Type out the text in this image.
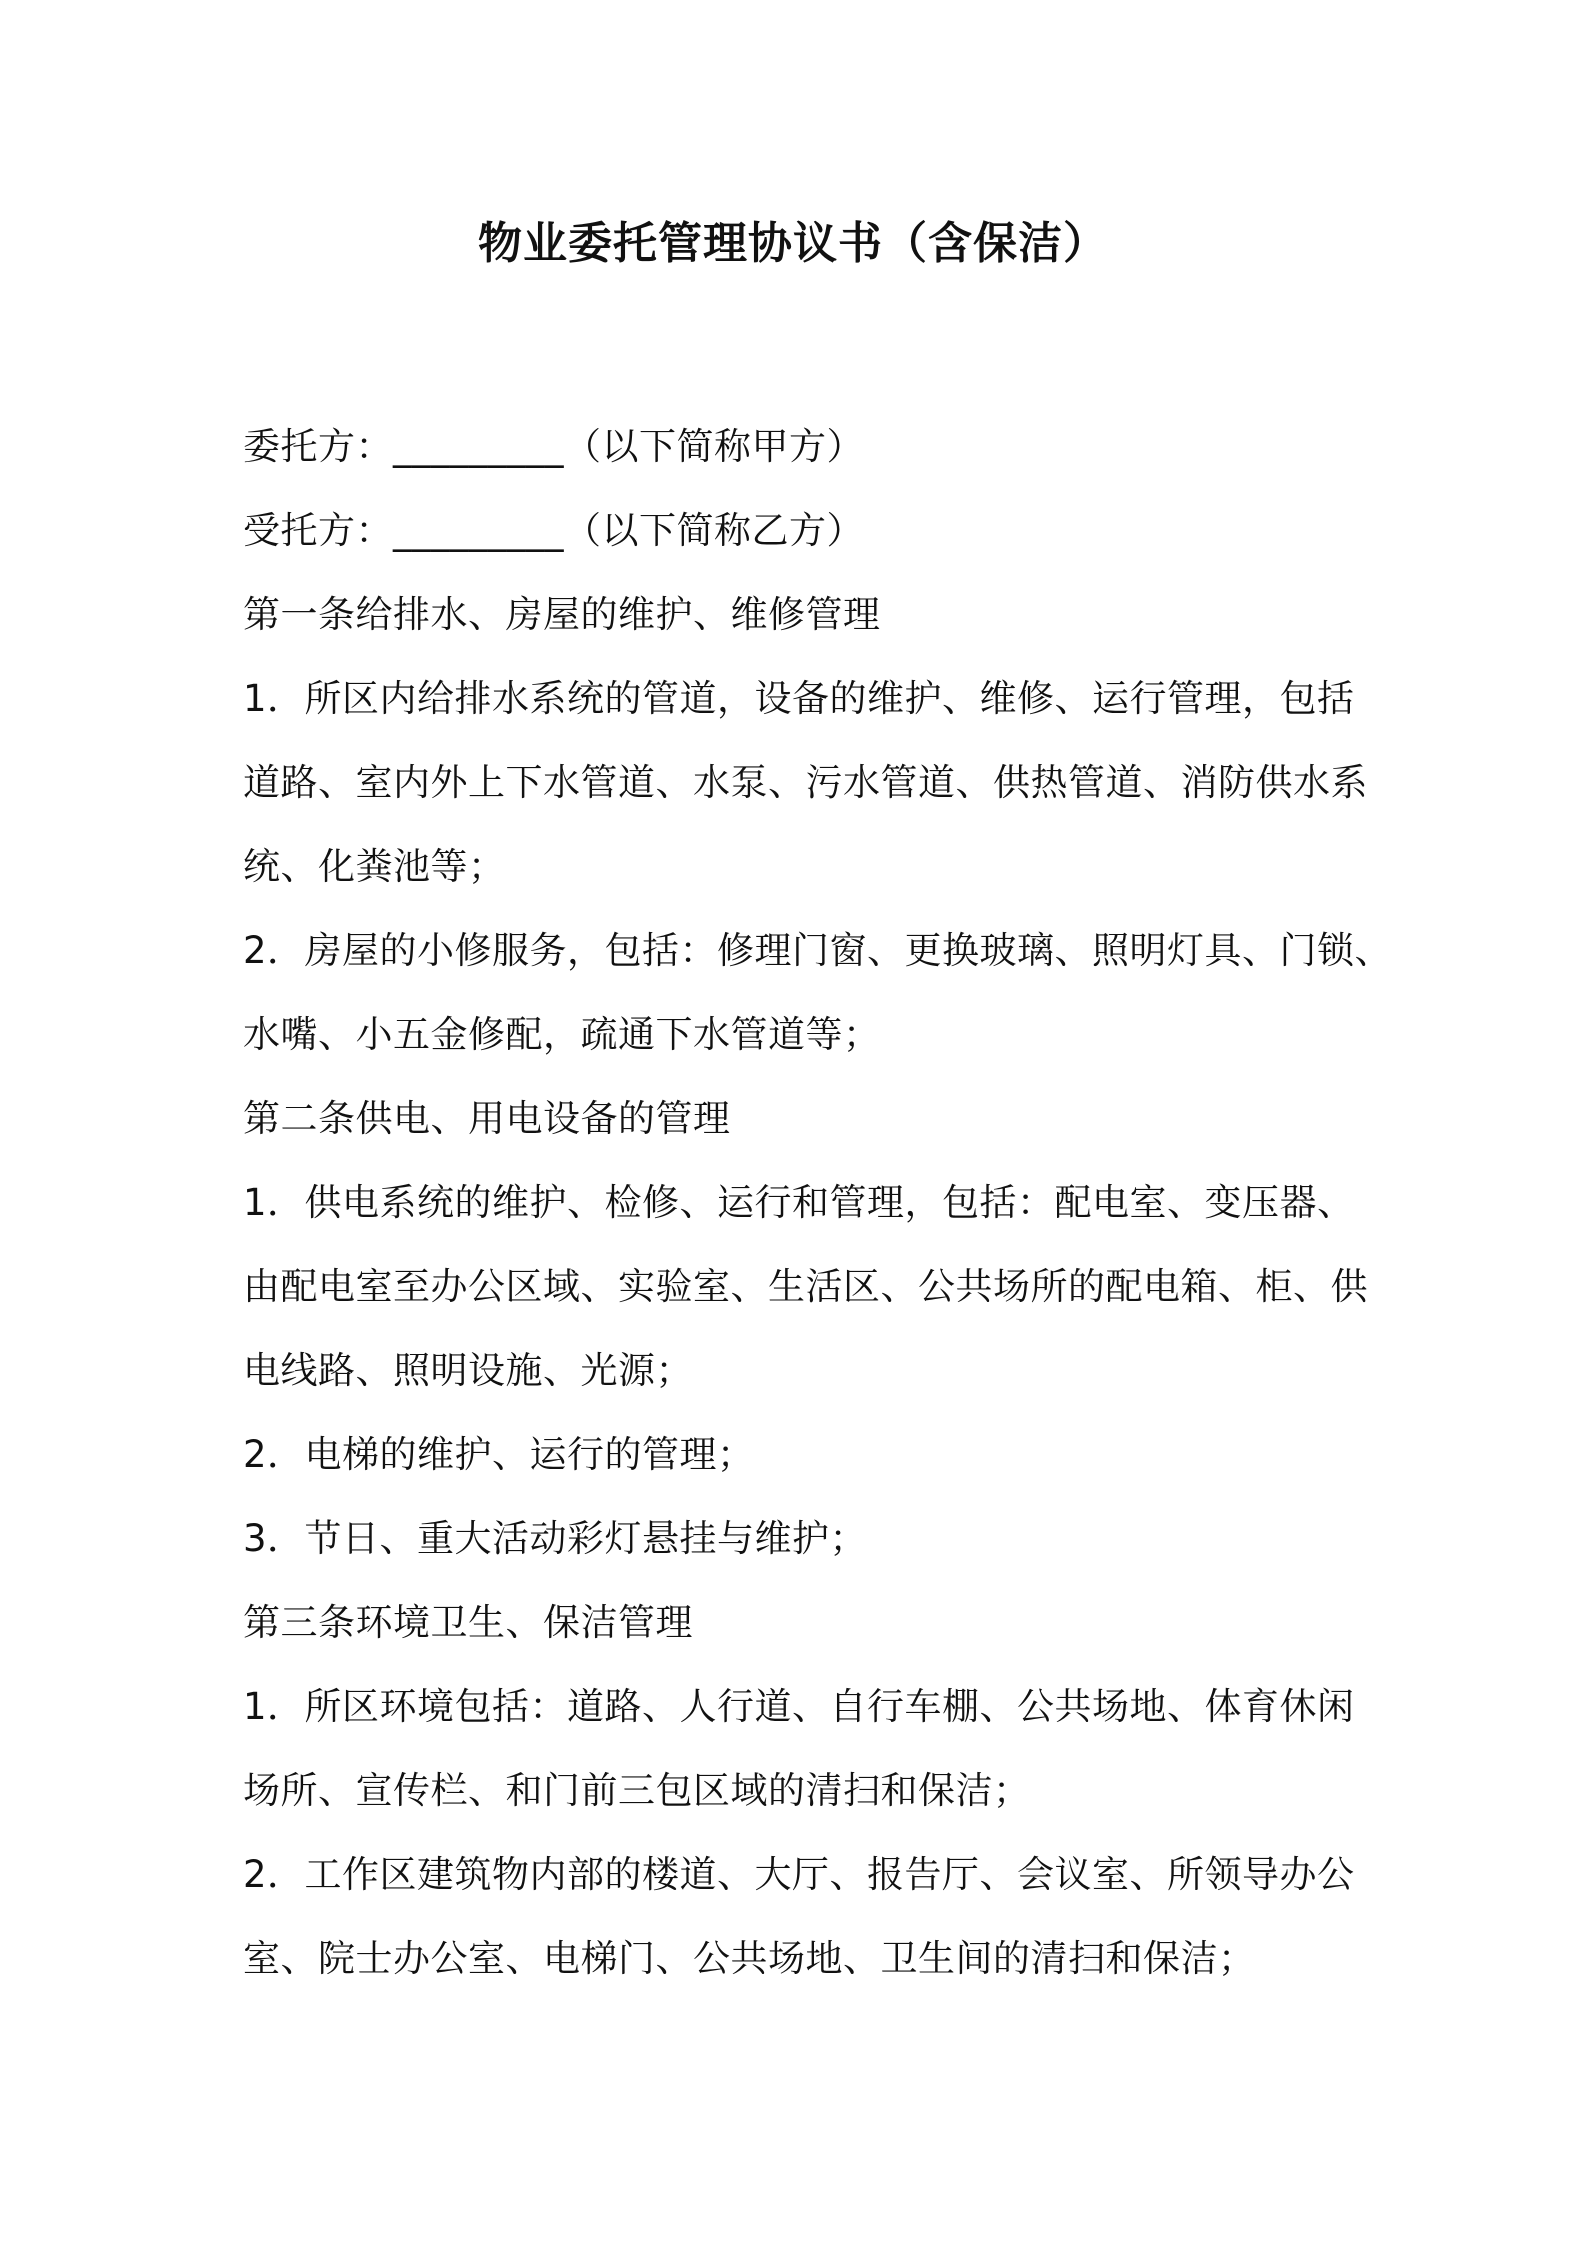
物业委托管理协议书（含保洁）

委托方：_________（以下简称甲方）

受托方：_________（以下简称乙方）

第一条给排水、房屋的维护、维修管理

1．所区内给排水系统的管道，设备的维护、维修、运行管理，包括
道路、室内外上下水管道、水泵、污水管道、供热管道、消防供水系
统、化粪池等；

2．房屋的小修服务，包括：修理门窗、更换玻璃、照明灯具、门锁、
水嘴、小五金修配，疏通下水管道等；

第二条供电、用电设备的管理

1．供电系统的维护、检修、运行和管理，包括：配电室、变压器、
由配电室至办公区域、实验室、生活区、公共场所的配电箱、柜、供
电线路、照明设施、光源；

2．电梯的维护、运行的管理；

3．节日、重大活动彩灯悬挂与维护；

第三条环境卫生、保洁管理

1．所区环境包括：道路、人行道、自行车棚、公共场地、体育休闲
场所、宣传栏、和门前三包区域的清扫和保洁；

2．工作区建筑物内部的楼道、大厅、报告厅、会议室、所领导办公
室、院士办公室、电梯门、公共场地、卫生间的清扫和保洁；
